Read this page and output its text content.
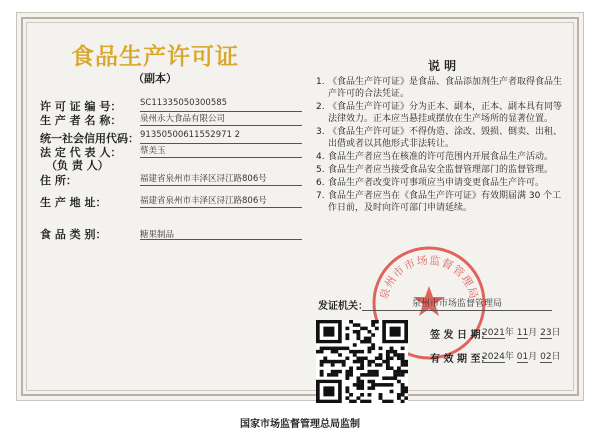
食品生产许可证
（副本）
许 可 证 编 号： SC11335050300585
生 产 者 名 称： 泉州永大食品有限公司
统一社会信用代码： 91350500611552971 2
法 定 代 表 人： 蔡美玉
（负 责 人）
住 所：	福建省泉州市丰泽区浔江路806号
生 产 地 址：	福建省泉州市丰泽区浔江路806号
食 品 类 别：	糖果制品
说 明
1. 《食品生产许可证》是食品、食品添加剂生产者取得食品生产许可的合法凭证。
2. 《食品生产许可证》分为正本、副本，正本、副本具有同等法律效力。正本应当悬挂或摆放在生产场所的显著位置。
3. 《食品生产许可证》不得伪造、涂改、毁损、倒卖、出租、出借或者以其他形式非法转让。
4. 食品生产者应当在核准的许可范围内开展食品生产活动。
5. 食品生产者应当接受食品安全监督管理部门的监督管理。
6. 食品生产者改变许可事项应当申请变更食品生产许可。
7. 食品生产者应当在《食品生产许可证》有效期届满 30 个工作日前，及时向许可部门申请延续。
泉州市市场监督管理局
发证机关：	泉州市市场监督管理局
签 发 日 期：
2021年 11月 23日
有 效 期 至：
2024年 01月 02日
国家市场监督管理总局监制
